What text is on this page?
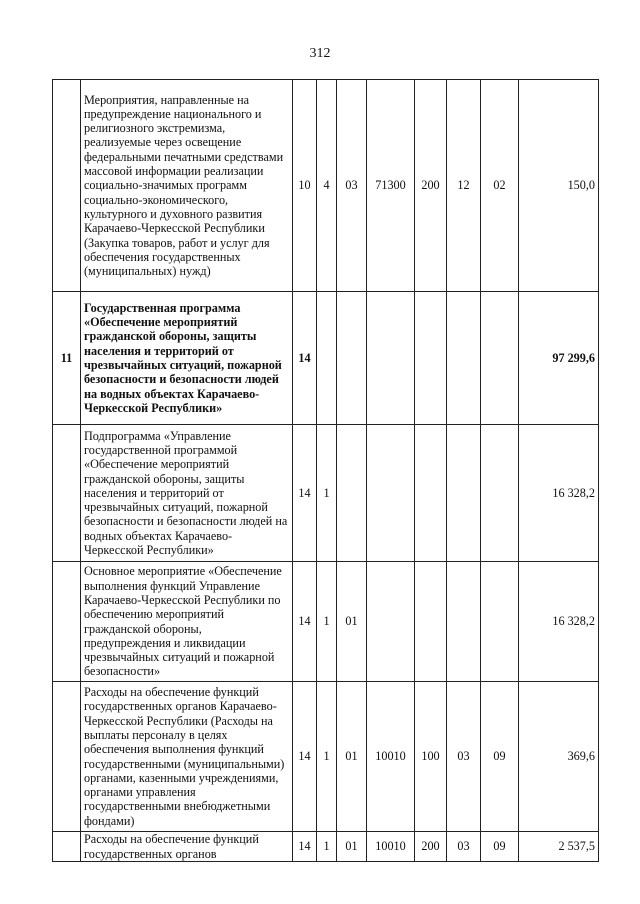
312
	Мероприятия, направленные на предупреждение национального и религиозного экстремизма, реализуемые через освещение федеральными печатными средствами массовой информации реализации социально-значимых программ социально-экономического, культурного и духовного развития Карачаево-Черкесской Республики (Закупка товаров, работ и услуг для обеспечения государственных (муниципальных) нужд)	10	4	03	71300	200	12	02	150,0
11	Государственная программа «Обеспечение мероприятий гражданской обороны, защиты населения и территорий от чрезвычайных ситуаций, пожарной безопасности и безопасности людей на водных объектах Карачаево-Черкесской Республики»	14							97 299,6
	Подпрограмма «Управление государственной программой «Обеспечение мероприятий гражданской обороны, защиты населения и территорий от чрезвычайных ситуаций, пожарной безопасности и безопасности людей на водных объектах Карачаево-Черкесской Республики»	14	1						16 328,2
	Основное мероприятие «Обеспечение выполнения функций Управление Карачаево-Черкесской Республики по обеспечению мероприятий гражданской обороны, предупреждения и ликвидации чрезвычайных ситуаций и пожарной безопасности»	14	1	01					16 328,2
	Расходы на обеспечение функций государственных органов Карачаево-Черкесской Республики (Расходы на выплаты персоналу в целях обеспечения выполнения функций государственными (муниципальными) органами, казенными учреждениями, органами управления государственными внебюджетными фондами)	14	1	01	10010	100	03	09	369,6
	Расходы на обеспечение функций государственных органов	14	1	01	10010	200	03	09	2 537,5
